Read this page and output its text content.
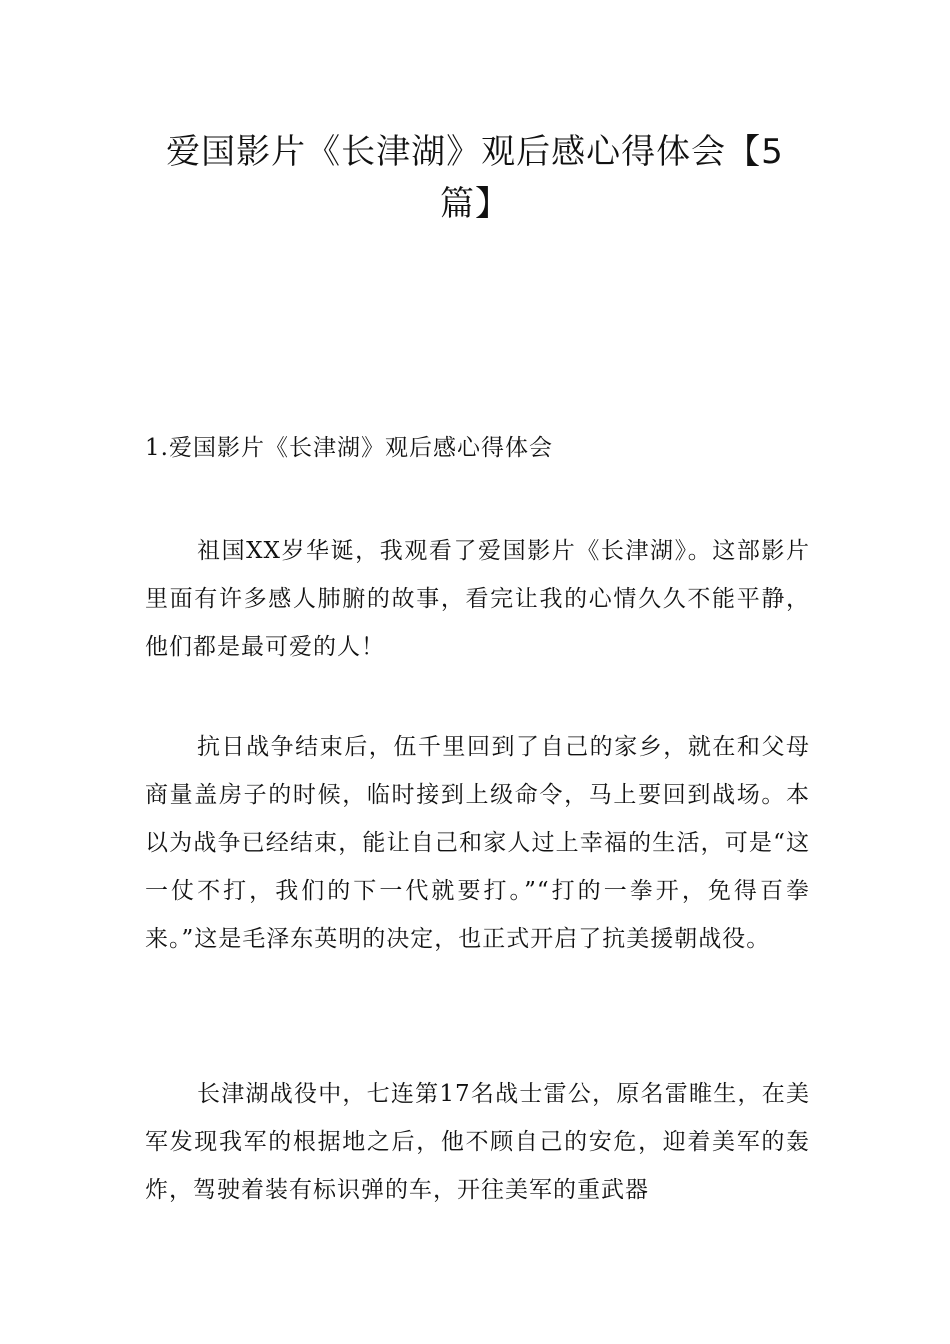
爱国影片《长津湖》观后感心得体会【5篇】

1.爱国影片《长津湖》观后感心得体会

祖国XX岁华诞，我观看了爱国影片《长津湖》。这部影片里面有许多感人肺腑的故事，看完让我的心情久久不能平静，他们都是最可爱的人！

抗日战争结束后，伍千里回到了自己的家乡，就在和父母商量盖房子的时候，临时接到上级命令，马上要回到战场。本以为战争已经结束，能让自己和家人过上幸福的生活，可是“这一仗不打，我们的下一代就要打。”“打的一拳开，免得百拳来。”这是毛泽东英明的决定，也正式开启了抗美援朝战役。

长津湖战役中，七连第17名战士雷公，原名雷睢生，在美军发现我军的根据地之后，他不顾自己的安危，迎着美军的轰炸，驾驶着装有标识弹的车，开往美军的重武器
